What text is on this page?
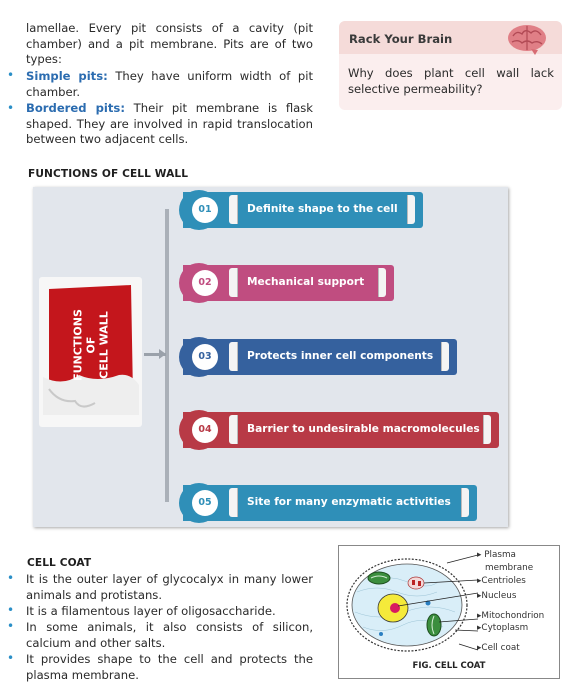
lamellae. Every pit consists of a cavity (pit chamber) and a pit membrane. Pits are of two types:
• Simple pits: They have uniform width of pit chamber.
• Bordered pits: Their pit membrane is flask shaped. They are involved in rapid translocation between two adjacent cells.
Rack Your Brain
Why does plant cell wall lack selective permeability?
FUNCTIONS OF CELL WALL
FUNCTIONS OF CELL WALL
01	Definite shape to the cell
02	Mechanical support
03	Protects inner cell components
04	Barrier to undesirable macromolecules
05	Site for many enzymatic activities
CELL COAT
• It is the outer layer of glycocalyx in many lower animals and protistans.
• It is a filamentous layer of oligosaccharide.
• In some animals, it also consists of silicon, calcium and other salts.
• It provides shape to the cell and protects the plasma membrane.
▸ Plasma
membrane
▸Centrioles
▸Nucleus
▸Mitochondrion
▸Cytoplasm
▸Cell coat
FIG. CELL COAT
